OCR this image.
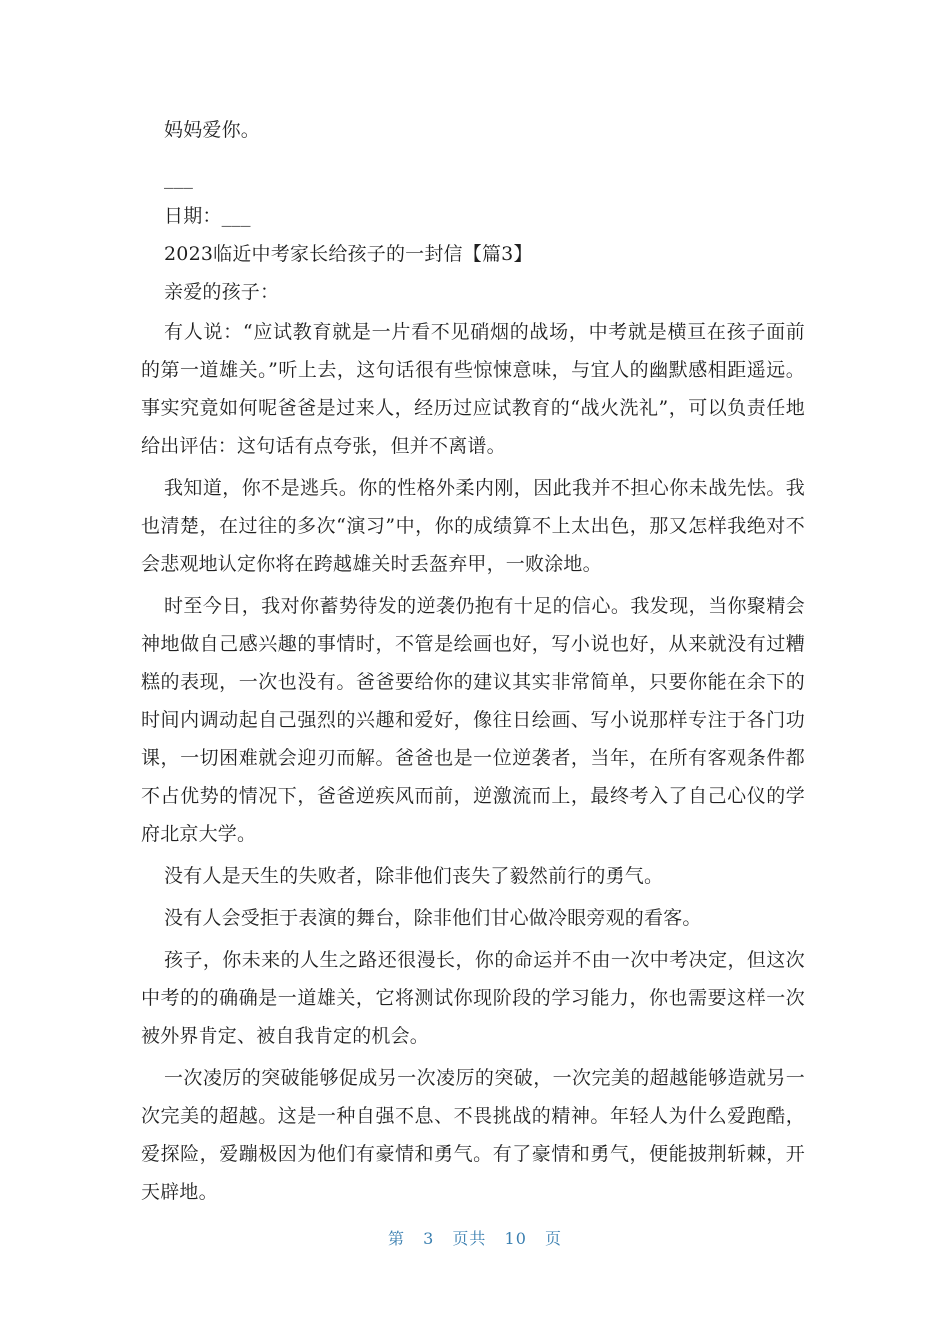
妈妈爱你。

___

日期：___

2023临近中考家长给孩子的一封信【篇3】

亲爱的孩子：

有人说：“应试教育就是一片看不见硝烟的战场，中考就是横亘在孩子面前的第一道雄关。”听上去，这句话很有些惊悚意味，与宜人的幽默感相距遥远。事实究竟如何呢爸爸是过来人，经历过应试教育的“战火洗礼”，可以负责任地给出评估：这句话有点夸张，但并不离谱。

我知道，你不是逃兵。你的性格外柔内刚，因此我并不担心你未战先怯。我也清楚，在过往的多次“演习”中，你的成绩算不上太出色，那又怎样我绝对不会悲观地认定你将在跨越雄关时丢盔弃甲，一败涂地。

时至今日，我对你蓄势待发的逆袭仍抱有十足的信心。我发现，当你聚精会神地做自己感兴趣的事情时，不管是绘画也好，写小说也好，从来就没有过糟糕的表现，一次也没有。爸爸要给你的建议其实非常简单，只要你能在余下的时间内调动起自己强烈的兴趣和爱好，像往日绘画、写小说那样专注于各门功课，一切困难就会迎刃而解。爸爸也是一位逆袭者，当年，在所有客观条件都不占优势的情况下，爸爸逆疾风而前，逆激流而上，最终考入了自己心仪的学府北京大学。

没有人是天生的失败者，除非他们丧失了毅然前行的勇气。

没有人会受拒于表演的舞台，除非他们甘心做冷眼旁观的看客。

孩子，你未来的人生之路还很漫长，你的命运并不由一次中考决定，但这次中考的的确确是一道雄关，它将测试你现阶段的学习能力，你也需要这样一次被外界肯定、被自我肯定的机会。

一次凌厉的突破能够促成另一次凌厉的突破，一次完美的超越能够造就另一次完美的超越。这是一种自强不息、不畏挑战的精神。年轻人为什么爱跑酷，爱探险，爱蹦极因为他们有豪情和勇气。有了豪情和勇气，便能披荆斩棘，开天辟地。

第 3 页共 10 页
